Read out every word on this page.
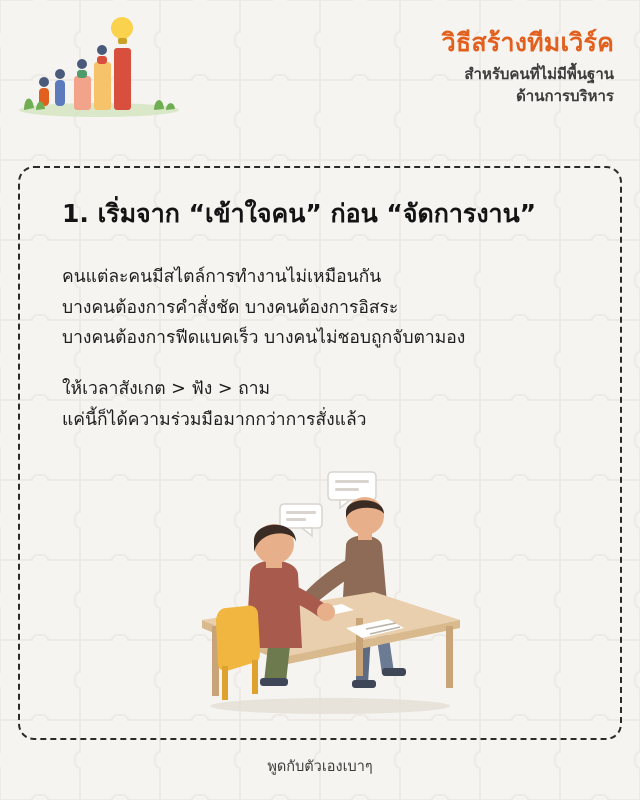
วิธีสร้างทีมเวิร์ค
สำหรับคนที่ไม่มีพื้นฐาน
ด้านการบริหาร
1. เริ่มจาก “เข้าใจคน” ก่อน “จัดการงาน”
คนแต่ละคนมีสไตล์การทำงานไม่เหมือนกัน
บางคนต้องการคำสั่งชัด บางคนต้องการอิสระ
บางคนต้องการฟีดแบคเร็ว บางคนไม่ชอบถูกจับตามอง
ให้เวลาสังเกต > ฟัง > ถาม
แค่นี้ก็ได้ความร่วมมือมากกว่าการสั่งแล้ว
พูดกับตัวเองเบาๆ
